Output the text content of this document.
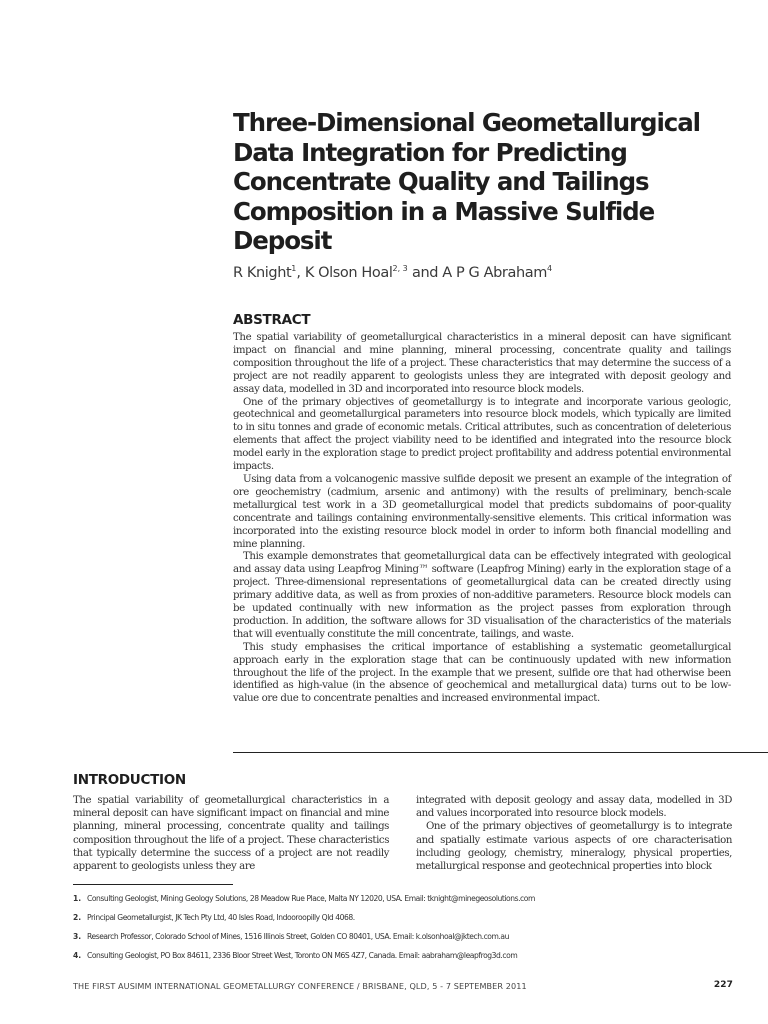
Three-Dimensional Geometallurgical
Data Integration for Predicting
Concentrate Quality and Tailings
Composition in a Massive Sulfide
Deposit
R Knight$^1$, K Olson Hoal$^{2, 3}$ and A P G Abraham$^4$
ABSTRACT

The spatial variability of geometallurgical characteristics in a mineral deposit can have significant impact on financial and mine planning, mineral processing, concentrate quality and tailings composition throughout the life of a project. These characteristics that may determine the success of a project are not readily apparent to geologists unless they are integrated with deposit geology and assay data, modelled in 3D and incorporated into resource block models.

One of the primary objectives of geometallurgy is to integrate and incorporate various geologic, geotechnical and geometallurgical parameters into resource block models, which typically are limited to in situ tonnes and grade of economic metals. Critical attributes, such as concentration of deleterious elements that affect the project viability need to be identified and integrated into the resource block model early in the exploration stage to predict project profitability and address potential environmental impacts.

Using data from a volcanogenic massive sulfide deposit we present an example of the integration of ore geochemistry (cadmium, arsenic and antimony) with the results of preliminary, bench-scale metallurgical test work in a 3D geometallurgical model that predicts subdomains of poor-quality concentrate and tailings containing environmentally-sensitive elements. This critical information was incorporated into the existing resource block model in order to inform both financial modelling and mine planning.

This example demonstrates that geometallurgical data can be effectively integrated with geological and assay data using Leapfrog Mining™ software (Leapfrog Mining) early in the exploration stage of a project. Three-dimensional representations of geometallurgical data can be created directly using primary additive data, as well as from proxies of non-additive parameters. Resource block models can be updated continually with new information as the project passes from exploration through production. In addition, the software allows for 3D visualisation of the characteristics of the materials that will eventually constitute the mill concentrate, tailings, and waste.

This study emphasises the critical importance of establishing a systematic geometallurgical approach early in the exploration stage that can be continuously updated with new information throughout the life of the project. In the example that we present, sulfide ore that had otherwise been identified as high-value (in the absence of geochemical and metallurgical data) turns out to be low-value ore due to concentrate penalties and increased environmental impact.

INTRODUCTION

The spatial variability of geometallurgical characteristics in a mineral deposit can have significant impact on financial and mine planning, mineral processing, concentrate quality and tailings composition throughout the life of a project. These characteristics that typically determine the success of a project are not readily apparent to geologists unless they are

integrated with deposit geology and assay data, modelled in 3D and values incorporated into resource block models.

One of the primary objectives of geometallurgy is to integrate and spatially estimate various aspects of ore characterisation including geology, chemistry, mineralogy, physical properties, metallurgical response and geotechnical properties into block

1. Consulting Geologist, Mining Geology Solutions, 28 Meadow Rue Place, Malta NY 12020, USA. Email: tknight@minegeosolutions.com
2. Principal Geometallurgist, JK Tech Pty Ltd, 40 Isles Road, Indooroopilly Qld 4068.
3. Research Professor, Colorado School of Mines, 1516 Illinois Street, Golden CO 80401, USA. Email: k.olsonhoal@jktech.com.au
4. Consulting Geologist, PO Box 84611, 2336 Bloor Street West, Toronto ON M6S 4Z7, Canada. Email: aabraham@leapfrog3d.com
THE FIRST AUSIMM INTERNATIONAL GEOMETALLURGY CONFERENCE / BRISBANE, QLD, 5 - 7 SEPTEMBER 2011	227
